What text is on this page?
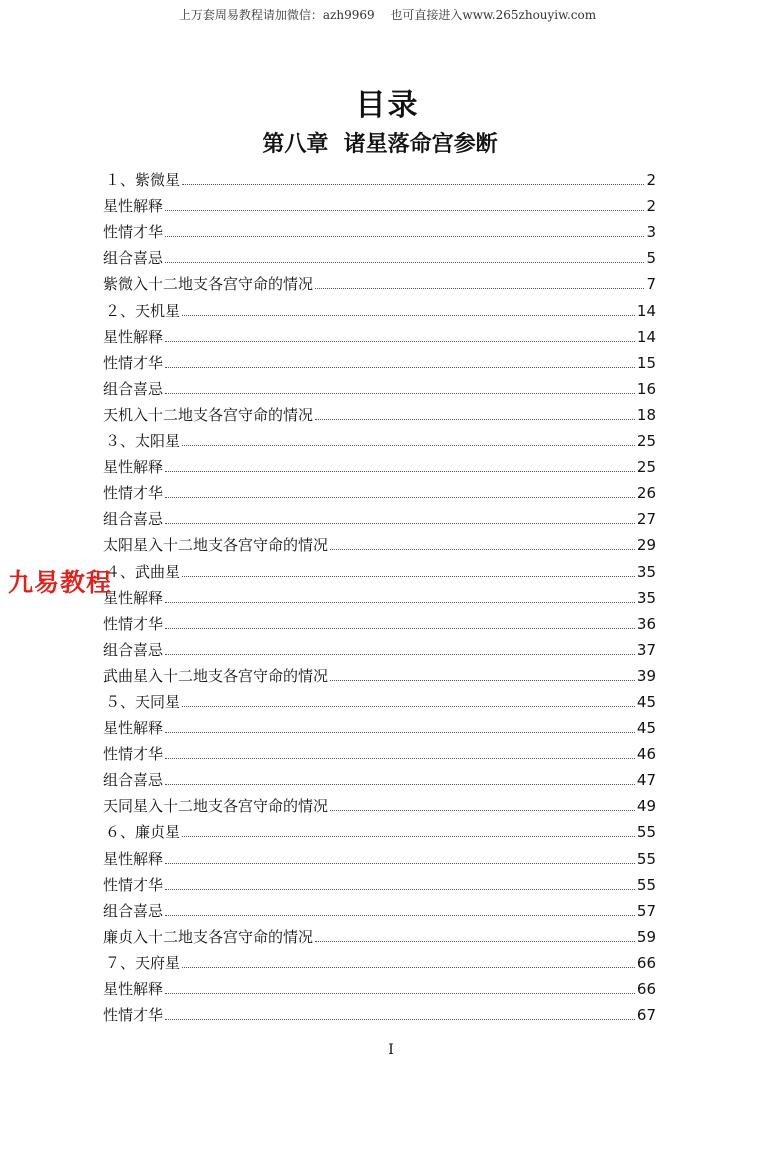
上万套周易教程请加微信：azh9969　 也可直接进入www.265zhouyiw.com
目录
第八章  诸星落命宫参断
１、紫微星	2
星性解释	2
性情才华	3
组合喜忌	5
紫微入十二地支各宫守命的情况	7
２、天机星	14
星性解释	14
性情才华	15
组合喜忌	16
天机入十二地支各宫守命的情况	18
３、太阳星	25
星性解释	25
性情才华	26
组合喜忌	27
太阳星入十二地支各宫守命的情况	29
４、武曲星	35
星性解释	35
性情才华	36
组合喜忌	37
武曲星入十二地支各宫守命的情况	39
５、天同星	45
星性解释	45
性情才华	46
组合喜忌	47
天同星入十二地支各宫守命的情况	49
６、廉贞星	55
星性解释	55
性情才华	55
组合喜忌	57
廉贞入十二地支各宫守命的情况	59
７、天府星	66
星性解释	66
性情才华	67
九易教程
I
